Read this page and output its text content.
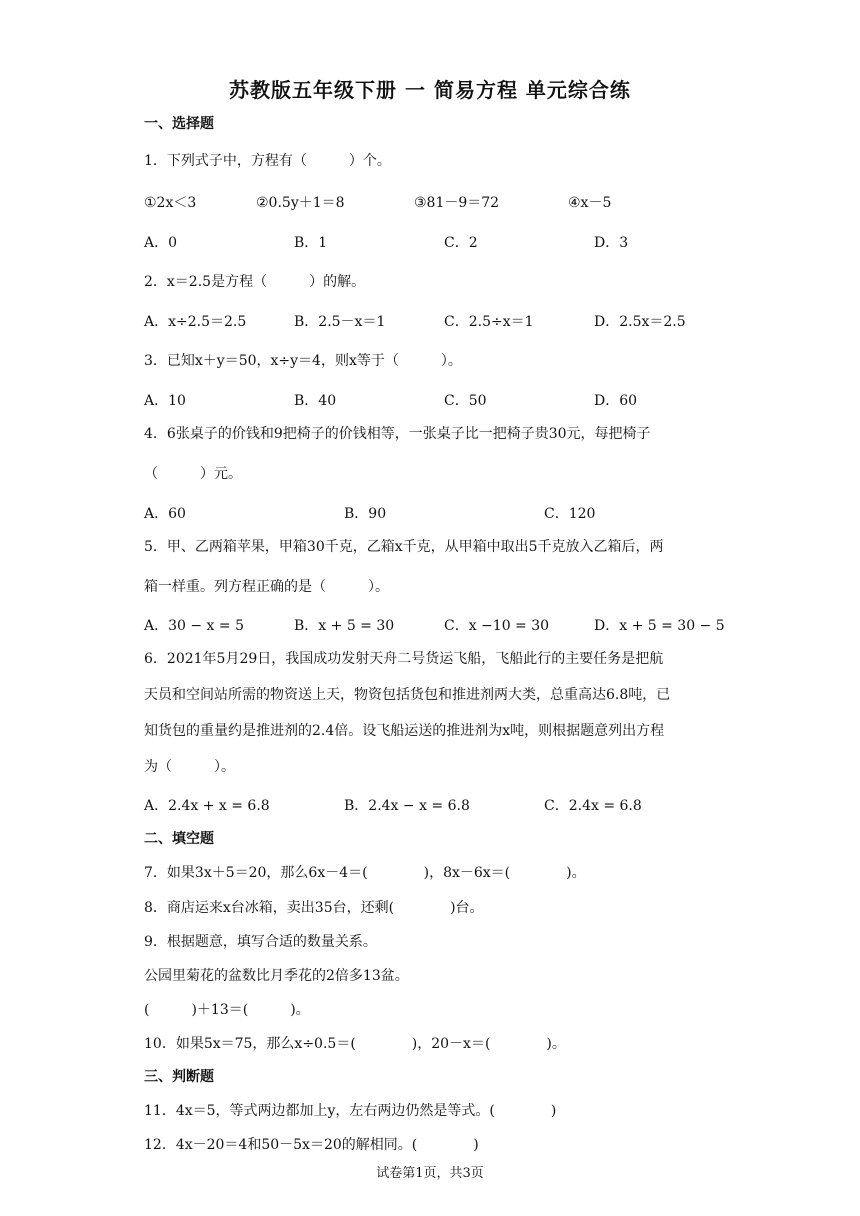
苏教版五年级下册 一 简易方程 单元综合练
一、选择题
1．下列式子中，方程有（　　　）个。
①2x＜3	②0.5y＋1＝8	③81－9＝72	④x－5
A．0	B．1	C．2	D．3
2．x＝2.5是方程（　　　）的解。
A．x÷2.5＝2.5	B．2.5－x＝1	C．2.5÷x＝1	D．2.5x＝2.5
3．已知x＋y＝50，x÷y＝4，则x等于（　　　）。
A．10	B．40	C．50	D．60
4．6张桌子的价钱和9把椅子的价钱相等，一张桌子比一把椅子贵30元，每把椅子
（　　　）元。
A．60	B．90	C．120
5．甲、乙两箱苹果，甲箱30千克，乙箱x千克，从甲箱中取出5千克放入乙箱后，两
箱一样重。列方程正确的是（　　　）。
A．30 − x = 5	B．x + 5 = 30	C．x −10 = 30	D．x + 5 = 30 − 5
6．2021年5月29日，我国成功发射天舟二号货运飞船，飞船此行的主要任务是把航
天员和空间站所需的物资送上天，物资包括货包和推进剂两大类，总重高达6.8吨，已
知货包的重量约是推进剂的2.4倍。设飞船运送的推进剂为x吨，则根据题意列出方程
为（　　　）。
A．2.4x + x = 6.8	B．2.4x − x = 6.8	C．2.4x = 6.8
二、填空题
7．如果3x＋5＝20，那么6x－4＝(　　　　)，8x－6x＝(　　　　)。
8．商店运来x台冰箱，卖出35台，还剩(　　　　)台。
9．根据题意，填写合适的数量关系。
公园里菊花的盆数比月季花的2倍多13盆。
(　　　)＋13＝(　　　)。
10．如果5x＝75，那么x÷0.5＝(　　　　)，20－x＝(　　　　)。
三、判断题
11．4x＝5，等式两边都加上y，左右两边仍然是等式。(　　　　)
12．4x－20＝4和50－5x＝20的解相同。(　　　　)
试卷第1页，共3页
